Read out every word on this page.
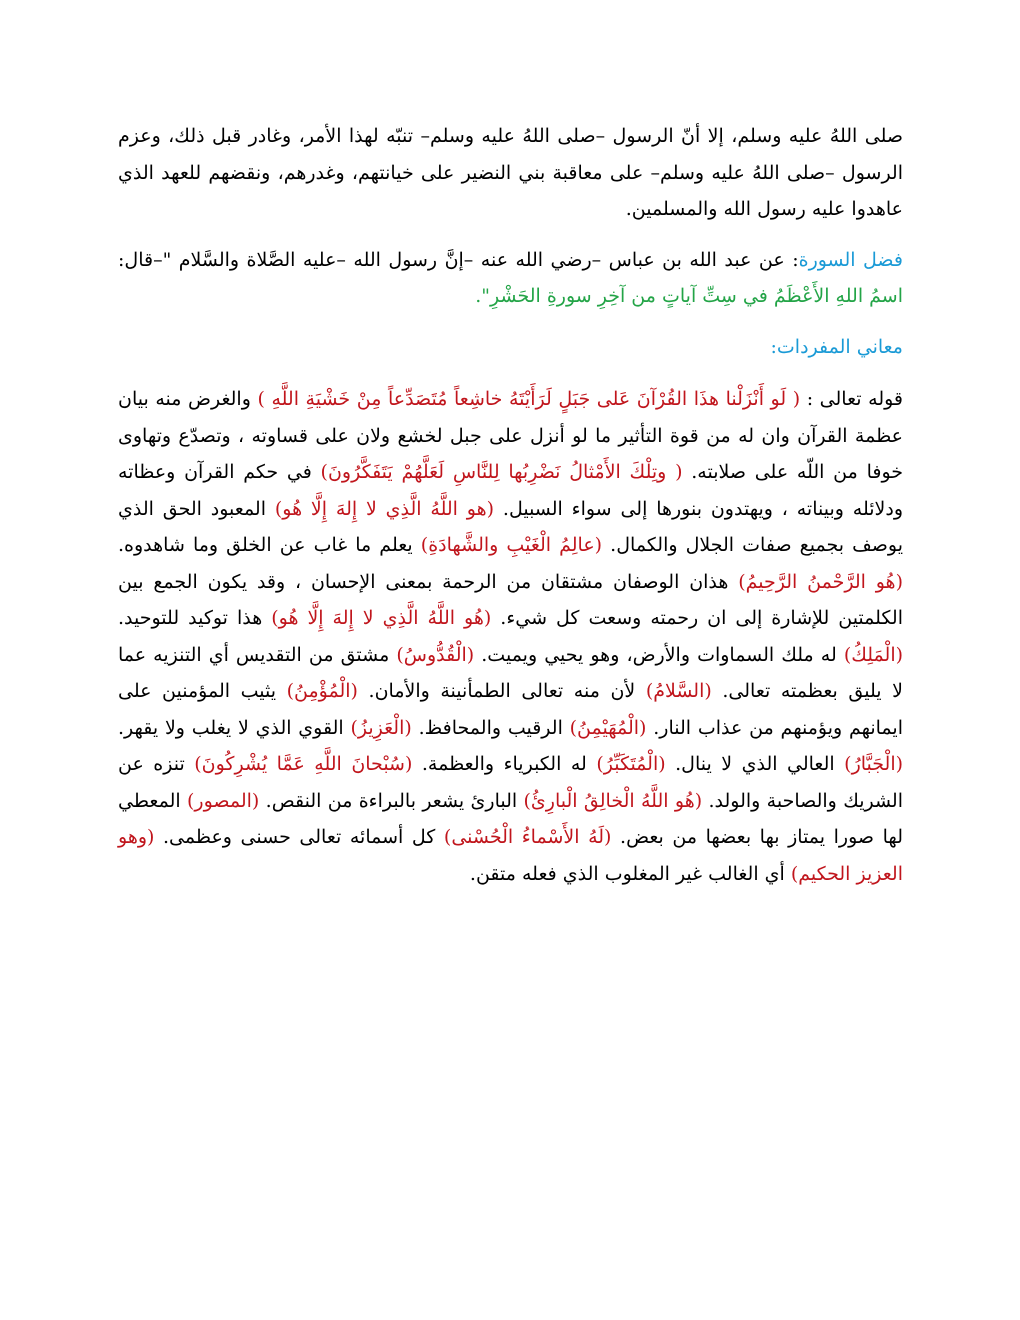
صلى اللهُ عليه وسلم، إلا أنّ الرسول –صلى اللهُ عليه وسلم– تنبّه لهذا الأمر، وغادر قبل ذلك، وعزم الرسول –صلى اللهُ عليه وسلم– على معاقبة بني النضير على خيانتهم، وغدرهم، ونقضهم للعهد الذي عاهدوا عليه رسول الله والمسلمين.

فضل السورة: عن عبد الله بن عباس –رضي الله عنه –إنَّ رسول الله –عليه الصَّلاة والسَّلام "–قال: اسمُ اللهِ الأَعْظَمُ في سِتِّ آياتٍ من آخِرِ سورةِ الحَشْرِ".

معاني المفردات:

قوله تعالى : ( لَو أَنْزَلْنا هذَا القُرْآنَ عَلى جَبَلٍ لَرَأَيْتَهُ خاشِعاً مُتَصَدِّعاً مِنْ خَشْيَةِ اللَّهِ ) والغرض منه بيان عظمة القرآن وان له من قوة التأثير ما لو أنزل على جبل لخشع ولان على قساوته ، وتصدّع وتهاوى خوفا من اللّه على صلابته. ( وتِلْكَ الأَمْثالُ نَضْرِبُها لِلنَّاسِ لَعَلَّهُمْ يَتَفَكَّرُونَ) في حكم القرآن وعظاته ودلائله وبيناته ، ويهتدون بنورها إلى سواء السبيل. (هو اللَّهُ الَّذِي لا إِلهَ إِلَّا هُو) المعبود الحق الذي يوصف بجميع صفات الجلال والكمال. (عالِمُ الْغَيْبِ والشَّهادَةِ) يعلم ما غاب عن الخلق وما شاهدوه. (هُو الرَّحْمنُ الرَّحِيمُ) هذان الوصفان مشتقان من الرحمة بمعنى الإحسان ، وقد يكون الجمع بين الكلمتين للإشارة إلى ان رحمته وسعت كل شيء. (هُو اللَّهُ الَّذِي لا إِلهَ إِلَّا هُو) هذا توكيد للتوحيد. (الْمَلِكُ) له ملك السماوات والأرض، وهو يحيي ويميت. (الْقُدُّوسُ) مشتق من التقديس أي التنزيه عما لا يليق بعظمته تعالى. (السَّلامُ) لأن منه تعالى الطمأنينة والأمان. (الْمُؤْمِنُ) يثيب المؤمنين على ايمانهم ويؤمنهم من عذاب النار. (الْمُهَيْمِنُ) الرقيب والمحافظ. (الْعَزِيزُ) القوي الذي لا يغلب ولا يقهر. (الْجَبَّارُ) العالي الذي لا ينال. (الْمُتَكَبِّرُ) له الكبرياء والعظمة. (سُبْحانَ اللَّهِ عَمَّا يُشْرِكُونَ) تنزه عن الشريك والصاحبة والولد. (هُو اللَّهُ الْخالِقُ الْبارِئُ) البارئ يشعر بالبراءة من النقص. (المصور) المعطي لها صورا يمتاز بها بعضها من بعض. (لَهُ الأَسْماءُ الْحُسْنى) كل أسمائه تعالى حسنى وعظمى. (وهو العزيز الحكيم) أي الغالب غير المغلوب الذي فعله متقن.
